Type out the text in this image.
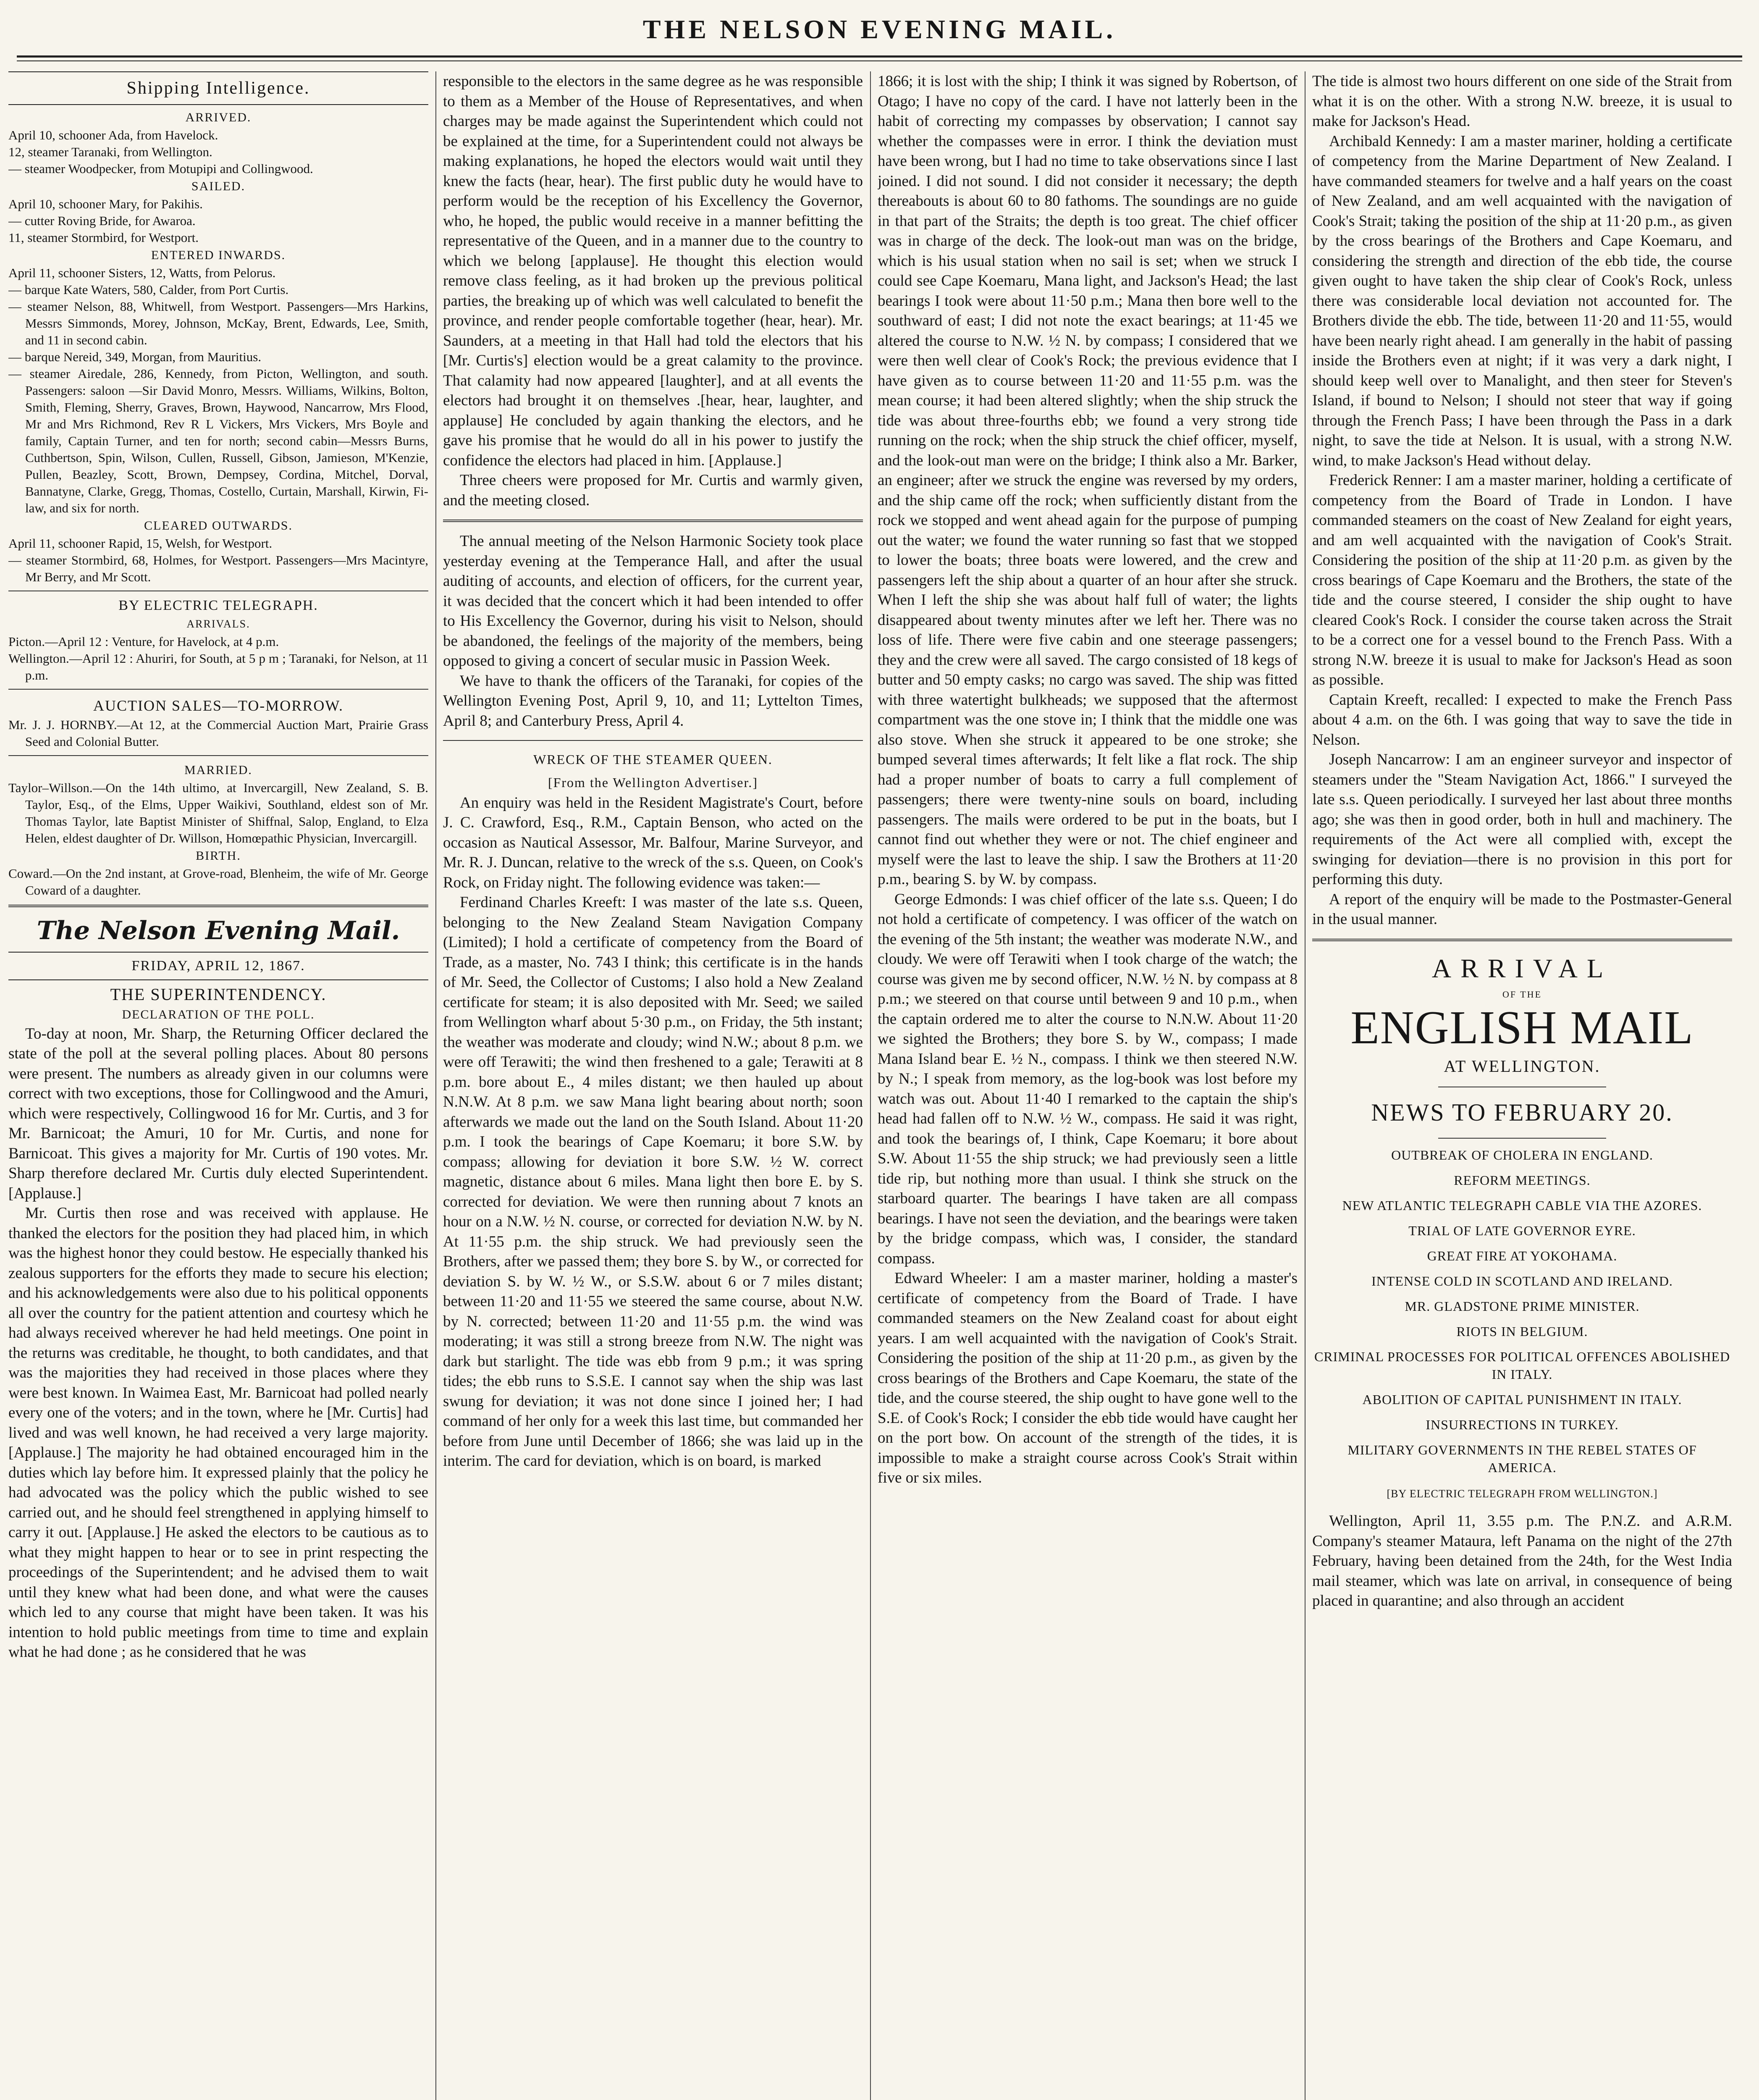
THE NELSON EVENING MAIL.
Shipping Intelligence.
ARRIVED.

April 10, schooner Ada, from Havelock.

12, steamer Taranaki, from Wellington.

— steamer Woodpecker, from Motupipi and Collingwood.

SAILED.

April 10, schooner Mary, for Pakihis.

— cutter Roving Bride, for Awaroa.

11, steamer Stormbird, for Westport.

ENTERED INWARDS.

April 11, schooner Sisters, 12, Watts, from Pelorus.

— barque Kate Waters, 580, Calder, from Port Curtis.

— steamer Nelson, 88, Whitwell, from Westport. Passengers—Mrs Harkins, Messrs Simmonds, Morey, Johnson, McKay, Brent, Edwards, Lee, Smith, and 11 in second cabin.

— barque Nereid, 349, Morgan, from Mauritius.

— steamer Airedale, 286, Kennedy, from Picton, Wellington, and south. Passengers: saloon —Sir David Monro, Messrs. Williams, Wilkins, Bolton, Smith, Fleming, Sherry, Graves, Brown, Haywood, Nancarrow, Mrs Flood, Mr and Mrs Richmond, Rev R L Vickers, Mrs Vickers, Mrs Boyle and family, Captain Turner, and ten for north; second cabin—Messrs Burns, Cuthbertson, Spin, Wilson, Cullen, Russell, Gibson, Jamieson, M'Kenzie, Pullen, Beazley, Scott, Brown, Dempsey, Cordina, Mitchel, Dorval, Bannatyne, Clarke, Gregg, Thomas, Costello, Curtain, Marshall, Kirwin, Fi-law, and six for north.

CLEARED OUTWARDS.

April 11, schooner Rapid, 15, Welsh, for Westport.

— steamer Stormbird, 68, Holmes, for Westport. Passengers—Mrs Macintyre, Mr Berry, and Mr Scott.

BY ELECTRIC TELEGRAPH.
ARRIVALS.

Picton.—April 12 : Venture, for Havelock, at 4 p.m.

Wellington.—April 12 : Ahuriri, for South, at 5 p m ; Taranaki, for Nelson, at 11 p.m.

AUCTION SALES—TO-MORROW.

Mr. J. J. HORNBY.—At 12, at the Commercial Auction Mart, Prairie Grass Seed and Colonial Butter.

MARRIED.

Taylor–Willson.—On the 14th ultimo, at Invercargill, New Zealand, S. B. Taylor, Esq., of the Elms, Upper Waikivi, Southland, eldest son of Mr. Thomas Taylor, late Baptist Minister of Shiffnal, Salop, England, to Elza Helen, eldest daughter of Dr. Willson, Homœpathic Physician, Invercargill.

BIRTH.

Coward.—On the 2nd instant, at Grove-road, Blenheim, the wife of Mr. George Coward of a daughter.

The Nelson Evening Mail.
FRIDAY, APRIL 12, 1867.
THE SUPERINTENDENCY.
DECLARATION OF THE POLL.

To-day at noon, Mr. Sharp, the Returning Officer declared the state of the poll at the several polling places. About 80 persons were present. The numbers as already given in our columns were correct with two exceptions, those for Collingwood and the Amuri, which were respectively, Collingwood 16 for Mr. Curtis, and 3 for Mr. Barnicoat; the Amuri, 10 for Mr. Curtis, and none for Barnicoat. This gives a majority for Mr. Curtis of 190 votes. Mr. Sharp therefore declared Mr. Curtis duly elected Superintendent. [Applause.]

Mr. Curtis then rose and was received with applause. He thanked the electors for the position they had placed him, in which was the highest honor they could bestow. He especially thanked his zealous supporters for the efforts they made to secure his election; and his acknowledgements were also due to his political opponents all over the country for the patient attention and courtesy which he had always received wherever he had held meetings. One point in the returns was creditable, he thought, to both candidates, and that was the majorities they had received in those places where they were best known. In Waimea East, Mr. Barnicoat had polled nearly every one of the voters; and in the town, where he [Mr. Curtis] had lived and was well known, he had received a very large majority. [Applause.] The majority he had obtained encouraged him in the duties which lay before him. It expressed plainly that the policy he had advocated was the policy which the public wished to see carried out, and he should feel strengthened in applying himself to carry it out. [Applause.] He asked the electors to be cautious as to what they might happen to hear or to see in print respecting the proceedings of the Superintendent; and he advised them to wait until they knew what had been done, and what were the causes which led to any course that might have been taken. It was his intention to hold public meetings from time to time and explain what he had done ; as he considered that he was

responsible to the electors in the same degree as he was responsible to them as a Member of the House of Representatives, and when charges may be made against the Superintendent which could not be explained at the time, for a Superintendent could not always be making explanations, he hoped the electors would wait until they knew the facts (hear, hear). The first public duty he would have to perform would be the reception of his Excellency the Governor, who, he hoped, the public would receive in a manner befitting the representative of the Queen, and in a manner due to the country to which we belong [applause]. He thought this election would remove class feeling, as it had broken up the previous political parties, the breaking up of which was well calculated to benefit the province, and render people comfortable together (hear, hear). Mr. Saunders, at a meeting in that Hall had told the electors that his [Mr. Curtis's] election would be a great calamity to the province. That calamity had now appeared [laughter], and at all events the electors had brought it on themselves .[hear, hear, laughter, and applause] He concluded by again thanking the electors, and he gave his promise that he would do all in his power to justify the confidence the electors had placed in him. [Applause.]

Three cheers were proposed for Mr. Curtis and warmly given, and the meeting closed.

The annual meeting of the Nelson Harmonic Society took place yesterday evening at the Temperance Hall, and after the usual auditing of accounts, and election of officers, for the current year, it was decided that the concert which it had been intended to offer to His Excellency the Governor, during his visit to Nelson, should be abandoned, the feelings of the majority of the members, being opposed to giving a concert of secular music in Passion Week.

We have to thank the officers of the Taranaki, for copies of the Wellington Evening Post, April 9, 10, and 11; Lyttelton Times, April 8; and Canterbury Press, April 4.

WRECK OF THE STEAMER QUEEN.
[From the Wellington Advertiser.]

An enquiry was held in the Resident Magistrate's Court, before J. C. Crawford, Esq., R.M., Captain Benson, who acted on the occasion as Nautical Assessor, Mr. Balfour, Marine Surveyor, and Mr. R. J. Duncan, relative to the wreck of the s.s. Queen, on Cook's Rock, on Friday night. The following evidence was taken:—

Ferdinand Charles Kreeft: I was master of the late s.s. Queen, belonging to the New Zealand Steam Navigation Company (Limited); I hold a certificate of competency from the Board of Trade, as a master, No. 743 I think; this certificate is in the hands of Mr. Seed, the Collector of Customs; I also hold a New Zealand certificate for steam; it is also deposited with Mr. Seed; we sailed from Wellington wharf about 5·30 p.m., on Friday, the 5th instant; the weather was moderate and cloudy; wind N.W.; about 8 p.m. we were off Terawiti; the wind then freshened to a gale; Terawiti at 8 p.m. bore about E., 4 miles distant; we then hauled up about N.N.W. At 8 p.m. we saw Mana light bearing about north; soon afterwards we made out the land on the South Island. About 11·20 p.m. I took the bearings of Cape Koemaru; it bore S.W. by compass; allowing for deviation it bore S.W. ½ W. correct magnetic, distance about 6 miles. Mana light then bore E. by S. corrected for deviation. We were then running about 7 knots an hour on a N.W. ½ N. course, or corrected for deviation N.W. by N. At 11·55 p.m. the ship struck. We had previously seen the Brothers, after we passed them; they bore S. by W., or corrected for deviation S. by W. ½ W., or S.S.W. about 6 or 7 miles distant; between 11·20 and 11·55 we steered the same course, about N.W. by N. corrected; between 11·20 and 11·55 p.m. the wind was moderating; it was still a strong breeze from N.W. The night was dark but starlight. The tide was ebb from 9 p.m.; it was spring tides; the ebb runs to S.S.E. I cannot say when the ship was last swung for deviation; it was not done since I joined her; I had command of her only for a week this last time, but commanded her before from June until December of 1866; she was laid up in the interim. The card for deviation, which is on board, is marked

1866; it is lost with the ship; I think it was signed by Robertson, of Otago; I have no copy of the card. I have not latterly been in the habit of correcting my compasses by observation; I cannot say whether the compasses were in error. I think the deviation must have been wrong, but I had no time to take observations since I last joined. I did not sound. I did not consider it necessary; the depth thereabouts is about 60 to 80 fathoms. The soundings are no guide in that part of the Straits; the depth is too great. The chief officer was in charge of the deck. The look-out man was on the bridge, which is his usual station when no sail is set; when we struck I could see Cape Koemaru, Mana light, and Jackson's Head; the last bearings I took were about 11·50 p.m.; Mana then bore well to the southward of east; I did not note the exact bearings; at 11·45 we altered the course to N.W. ½ N. by compass; I considered that we were then well clear of Cook's Rock; the previous evidence that I have given as to course between 11·20 and 11·55 p.m. was the mean course; it had been altered slightly; when the ship struck the tide was about three-fourths ebb; we found a very strong tide running on the rock; when the ship struck the chief officer, myself, and the look-out man were on the bridge; I think also a Mr. Barker, an engineer; after we struck the engine was reversed by my orders, and the ship came off the rock; when sufficiently distant from the rock we stopped and went ahead again for the purpose of pumping out the water; we found the water running so fast that we stopped to lower the boats; three boats were lowered, and the crew and passengers left the ship about a quarter of an hour after she struck. When I left the ship she was about half full of water; the lights disappeared about twenty minutes after we left her. There was no loss of life. There were five cabin and one steerage passengers; they and the crew were all saved. The cargo consisted of 18 kegs of butter and 50 empty casks; no cargo was saved. The ship was fitted with three watertight bulkheads; we supposed that the aftermost compartment was the one stove in; I think that the middle one was also stove. When she struck it appeared to be one stroke; she bumped several times afterwards; It felt like a flat rock. The ship had a proper number of boats to carry a full complement of passengers; there were twenty-nine souls on board, including passengers. The mails were ordered to be put in the boats, but I cannot find out whether they were or not. The chief engineer and myself were the last to leave the ship. I saw the Brothers at 11·20 p.m., bearing S. by W. by compass.

George Edmonds: I was chief officer of the late s.s. Queen; I do not hold a certificate of competency. I was officer of the watch on the evening of the 5th instant; the weather was moderate N.W., and cloudy. We were off Terawiti when I took charge of the watch; the course was given me by second officer, N.W. ½ N. by compass at 8 p.m.; we steered on that course until between 9 and 10 p.m., when the captain ordered me to alter the course to N.N.W. About 11·20 we sighted the Brothers; they bore S. by W., compass; I made Mana Island bear E. ½ N., compass. I think we then steered N.W. by N.; I speak from memory, as the log-book was lost before my watch was out. About 11·40 I remarked to the captain the ship's head had fallen off to N.W. ½ W., compass. He said it was right, and took the bearings of, I think, Cape Koemaru; it bore about S.W. About 11·55 the ship struck; we had previously seen a little tide rip, but nothing more than usual. I think she struck on the starboard quarter. The bearings I have taken are all compass bearings. I have not seen the deviation, and the bearings were taken by the bridge compass, which was, I consider, the standard compass.

Edward Wheeler: I am a master mariner, holding a master's certificate of competency from the Board of Trade. I have commanded steamers on the New Zealand coast for about eight years. I am well acquainted with the navigation of Cook's Strait. Considering the position of the ship at 11·20 p.m., as given by the cross bearings of the Brothers and Cape Koemaru, the state of the tide, and the course steered, the ship ought to have gone well to the S.E. of Cook's Rock; I consider the ebb tide would have caught her on the port bow. On account of the strength of the tides, it is impossible to make a straight course across Cook's Strait within five or six miles.

The tide is almost two hours different on one side of the Strait from what it is on the other. With a strong N.W. breeze, it is usual to make for Jackson's Head.

Archibald Kennedy: I am a master mariner, holding a certificate of competency from the Marine Department of New Zealand. I have commanded steamers for twelve and a half years on the coast of New Zealand, and am well acquainted with the navigation of Cook's Strait; taking the position of the ship at 11·20 p.m., as given by the cross bearings of the Brothers and Cape Koemaru, and considering the strength and direction of the ebb tide, the course given ought to have taken the ship clear of Cook's Rock, unless there was considerable local deviation not accounted for. The Brothers divide the ebb. The tide, between 11·20 and 11·55, would have been nearly right ahead. I am generally in the habit of passing inside the Brothers even at night; if it was very a dark night, I should keep well over to Manalight, and then steer for Steven's Island, if bound to Nelson; I should not steer that way if going through the French Pass; I have been through the Pass in a dark night, to save the tide at Nelson. It is usual, with a strong N.W. wind, to make Jackson's Head without delay.

Frederick Renner: I am a master mariner, holding a certificate of competency from the Board of Trade in London. I have commanded steamers on the coast of New Zealand for eight years, and am well acquainted with the navigation of Cook's Strait. Considering the position of the ship at 11·20 p.m. as given by the cross bearings of Cape Koemaru and the Brothers, the state of the tide and the course steered, I consider the ship ought to have cleared Cook's Rock. I consider the course taken across the Strait to be a correct one for a vessel bound to the French Pass. With a strong N.W. breeze it is usual to make for Jackson's Head as soon as possible.

Captain Kreeft, recalled: I expected to make the French Pass about 4 a.m. on the 6th. I was going that way to save the tide in Nelson.

Joseph Nancarrow: I am an engineer surveyor and inspector of steamers under the "Steam Navigation Act, 1866." I surveyed the late s.s. Queen periodically. I surveyed her last about three months ago; she was then in good order, both in hull and machinery. The requirements of the Act were all complied with, except the swinging for deviation—there is no provision in this port for performing this duty.

A report of the enquiry will be made to the Postmaster-General in the usual manner.

ARRIVAL
OF THE
ENGLISH MAIL
AT WELLINGTON.
NEWS TO FEBRUARY 20.
OUTBREAK OF CHOLERA IN ENGLAND.
REFORM MEETINGS.
NEW ATLANTIC TELEGRAPH CABLE VIA THE AZORES.
TRIAL OF LATE GOVERNOR EYRE.
GREAT FIRE AT YOKOHAMA.
INTENSE COLD IN SCOTLAND AND IRELAND.
MR. GLADSTONE PRIME MINISTER.
RIOTS IN BELGIUM.
CRIMINAL PROCESSES FOR POLITICAL OFFENCES ABOLISHED IN ITALY.
ABOLITION OF CAPITAL PUNISHMENT IN ITALY.
INSURRECTIONS IN TURKEY.
MILITARY GOVERNMENTS IN THE REBEL STATES OF AMERICA.
[BY ELECTRIC TELEGRAPH FROM WELLINGTON.]

Wellington, April 11, 3.55 p.m. The P.N.Z. and A.R.M. Company's steamer Mataura, left Panama on the night of the 27th February, having been detained from the 24th, for the West India mail steamer, which was late on arrival, in consequence of being placed in quarantine; and also through an accident
